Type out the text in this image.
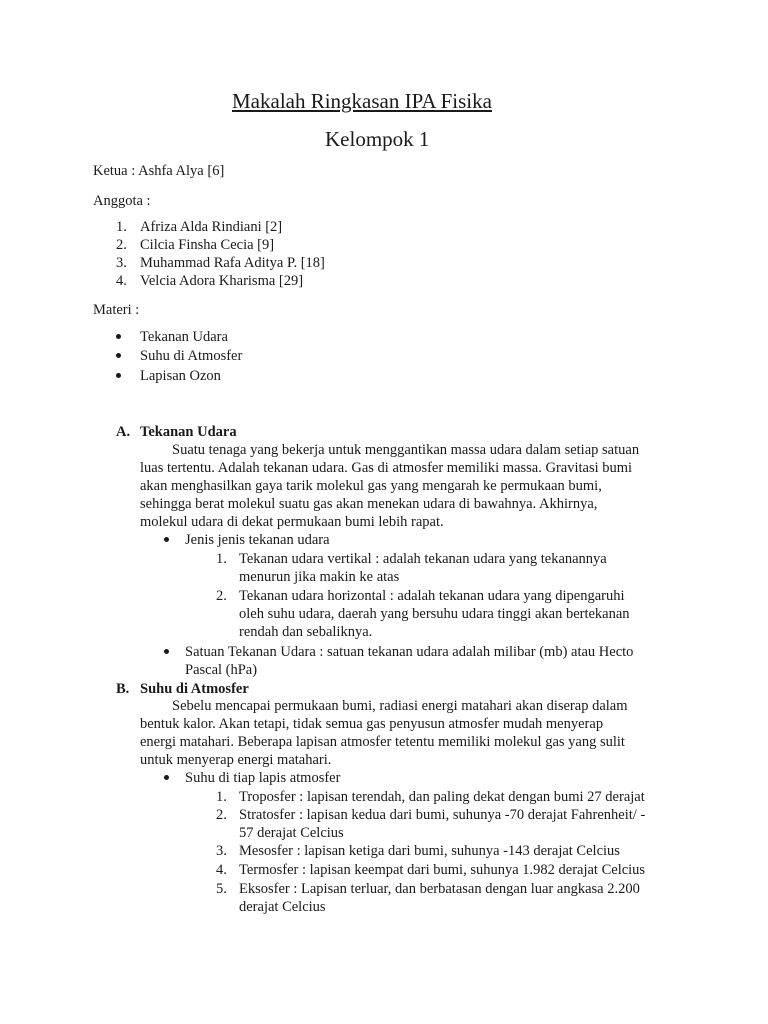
Makalah Ringkasan IPA Fisika
Kelompok 1
Ketua : Ashfa Alya [6]
Anggota :
1. Afriza Alda Rindiani [2]
2. Cilcia Finsha Cecia [9]
3. Muhammad Rafa Aditya P. [18]
4. Velcia Adora Kharisma [29]
Materi :
Tekanan Udara
Suhu di Atmosfer
Lapisan Ozon
A. Tekanan Udara
Suatu tenaga yang bekerja untuk menggantikan massa udara dalam setiap satuan
luas tertentu. Adalah tekanan udara. Gas di atmosfer memiliki massa. Gravitasi bumi
akan menghasilkan gaya tarik molekul gas yang mengarah ke permukaan bumi,
sehingga berat molekul suatu gas akan menekan udara di bawahnya. Akhirnya,
molekul udara di dekat permukaan bumi lebih rapat.
Jenis jenis tekanan udara
1. Tekanan udara vertikal : adalah tekanan udara yang tekanannya
menurun jika makin ke atas
2. Tekanan udara horizontal : adalah tekanan udara yang dipengaruhi
oleh suhu udara, daerah yang bersuhu udara tinggi akan bertekanan
rendah dan sebaliknya.
Satuan Tekanan Udara : satuan tekanan udara adalah milibar (mb) atau Hecto
Pascal (hPa)
B. Suhu di Atmosfer
Sebelu mencapai permukaan bumi, radiasi energi matahari akan diserap dalam
bentuk kalor. Akan tetapi, tidak semua gas penyusun atmosfer mudah menyerap
energi matahari. Beberapa lapisan atmosfer tetentu memiliki molekul gas yang sulit
untuk menyerap energi matahari.
Suhu di tiap lapis atmosfer
1. Troposfer : lapisan terendah, dan paling dekat dengan bumi 27 derajat
2. Stratosfer : lapisan kedua dari bumi, suhunya -70 derajat Fahrenheit/ -
57 derajat Celcius
3. Mesosfer : lapisan ketiga dari bumi, suhunya -143 derajat Celcius
4. Termosfer : lapisan keempat dari bumi, suhunya 1.982 derajat Celcius
5. Eksosfer : Lapisan terluar, dan berbatasan dengan luar angkasa 2.200
derajat Celcius
